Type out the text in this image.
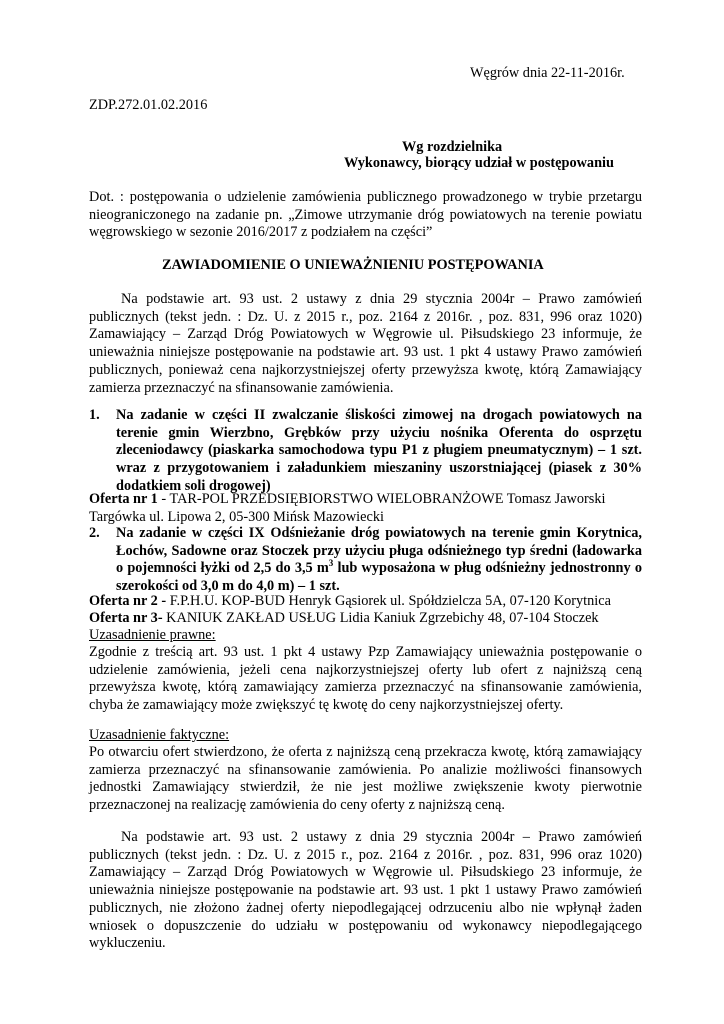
Węgrów dnia 22-11-2016r.
ZDP.272.01.02.2016
Wg rozdzielnika
Wykonawcy, biorący udział w postępowaniu
Dot. : postępowania o udzielenie zamówienia publicznego prowadzonego w trybie przetargu nieograniczonego na zadanie pn. „Zimowe utrzymanie dróg powiatowych na terenie powiatu węgrowskiego w sezonie 2016/2017 z podziałem na części”
ZAWIADOMIENIE O UNIEWAŻNIENIU POSTĘPOWANIA
Na podstawie art. 93 ust. 2 ustawy z dnia 29 stycznia 2004r – Prawo zamówień publicznych (tekst jedn. : Dz. U. z 2015 r., poz. 2164 z 2016r. , poz. 831, 996 oraz 1020) Zamawiający – Zarząd Dróg Powiatowych w Węgrowie ul. Piłsudskiego 23 informuje, że unieważnia niniejsze postępowanie na podstawie art. 93 ust. 1 pkt 4 ustawy Prawo zamówień publicznych, ponieważ cena najkorzystniejszej oferty przewyższa kwotę, którą Zamawiający zamierza przeznaczyć na sfinansowanie zamówienia.
1.	Na zadanie w części II zwalczanie śliskości zimowej na drogach powiatowych na terenie gmin Wierzbno, Grębków przy użyciu nośnika Oferenta do osprzętu zleceniodawcy (piaskarka samochodowa typu P1 z pługiem pneumatycznym) – 1 szt. wraz z przygotowaniem i załadunkiem mieszaniny uszorstniającej (piasek z 30% dodatkiem soli drogowej)
Oferta nr 1 - TAR-POL PRZEDSIĘBIORSTWO WIELOBRANŻOWE Tomasz Jaworski Targówka ul. Lipowa 2, 05-300 Mińsk Mazowiecki
2.	Na zadanie w części IX Odśnieżanie dróg powiatowych na terenie gmin Korytnica, Łochów, Sadowne oraz Stoczek przy użyciu pługa odśnieżnego typ średni (ładowarka o pojemności łyżki od 2,5 do 3,5 $m^3$ lub wyposażona w pług odśnieżny jednostronny o szerokości od 3,0 m do 4,0 m) – 1 szt.
Oferta nr 2 - F.P.H.U. KOP-BUD Henryk Gąsiorek ul. Spółdzielcza 5A, 07-120 Korytnica
Oferta nr 3- KANIUK ZAKŁAD USŁUG Lidia Kaniuk Zgrzebichy 48, 07-104 Stoczek
Uzasadnienie prawne:
Zgodnie z treścią art. 93 ust. 1 pkt 4 ustawy Pzp Zamawiający unieważnia postępowanie o udzielenie zamówienia, jeżeli cena najkorzystniejszej oferty lub ofert z najniższą ceną przewyższa kwotę, którą zamawiający zamierza przeznaczyć na sfinansowanie zamówienia, chyba że zamawiający może zwiększyć tę kwotę do ceny najkorzystniejszej oferty.
Uzasadnienie faktyczne:
Po otwarciu ofert stwierdzono, że oferta z najniższą ceną przekracza kwotę, którą zamawiający zamierza przeznaczyć na sfinansowanie zamówienia. Po analizie możliwości finansowych jednostki Zamawiający stwierdził, że nie jest możliwe zwiększenie kwoty pierwotnie przeznaczonej na realizację zamówienia do ceny oferty z najniższą ceną.
Na podstawie art. 93 ust. 2 ustawy z dnia 29 stycznia 2004r – Prawo zamówień publicznych (tekst jedn. : Dz. U. z 2015 r., poz. 2164 z 2016r. , poz. 831, 996 oraz 1020) Zamawiający – Zarząd Dróg Powiatowych w Węgrowie ul. Piłsudskiego 23 informuje, że unieważnia niniejsze postępowanie na podstawie art. 93 ust. 1 pkt 1 ustawy Prawo zamówień publicznych, nie złożono żadnej oferty niepodlegającej odrzuceniu albo nie wpłynął żaden wniosek o dopuszczenie do udziału w postępowaniu od wykonawcy niepodlegającego wykluczeniu.
